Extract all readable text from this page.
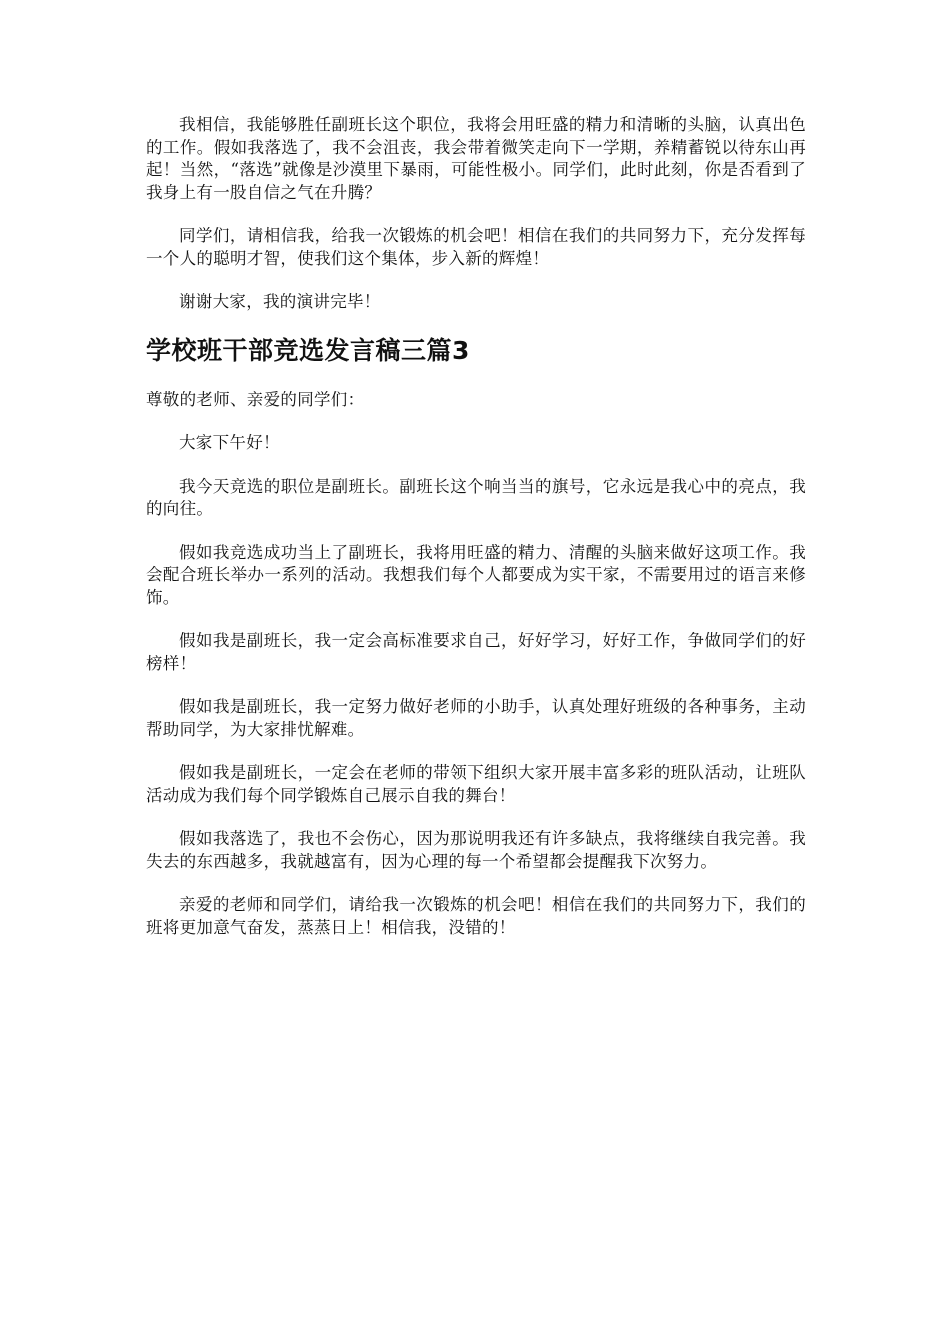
我相信，我能够胜任副班长这个职位，我将会用旺盛的精力和清晰的头脑，认真出色的工作。假如我落选了，我不会沮丧，我会带着微笑走向下一学期，养精蓄锐以待东山再起！当然，“落选”就像是沙漠里下暴雨，可能性极小。同学们，此时此刻，你是否看到了我身上有一股自信之气在升腾？

同学们，请相信我，给我一次锻炼的机会吧！相信在我们的共同努力下，充分发挥每一个人的聪明才智，使我们这个集体，步入新的辉煌！

谢谢大家，我的演讲完毕！

学校班干部竞选发言稿三篇3

尊敬的老师、亲爱的同学们：

大家下午好！

我今天竞选的职位是副班长。副班长这个响当当的旗号，它永远是我心中的亮点，我的向往。

假如我竞选成功当上了副班长，我将用旺盛的精力、清醒的头脑来做好这项工作。我会配合班长举办一系列的活动。我想我们每个人都要成为实干家，不需要用过的语言来修饰。

假如我是副班长，我一定会高标准要求自己，好好学习，好好工作，争做同学们的好榜样！

假如我是副班长，我一定努力做好老师的小助手，认真处理好班级的各种事务，主动帮助同学，为大家排忧解难。

假如我是副班长，一定会在老师的带领下组织大家开展丰富多彩的班队活动，让班队活动成为我们每个同学锻炼自己展示自我的舞台！

假如我落选了，我也不会伤心，因为那说明我还有许多缺点，我将继续自我完善。我失去的东西越多，我就越富有，因为心理的每一个希望都会提醒我下次努力。

亲爱的老师和同学们，请给我一次锻炼的机会吧！相信在我们的共同努力下，我们的班将更加意气奋发，蒸蒸日上！相信我，没错的！
